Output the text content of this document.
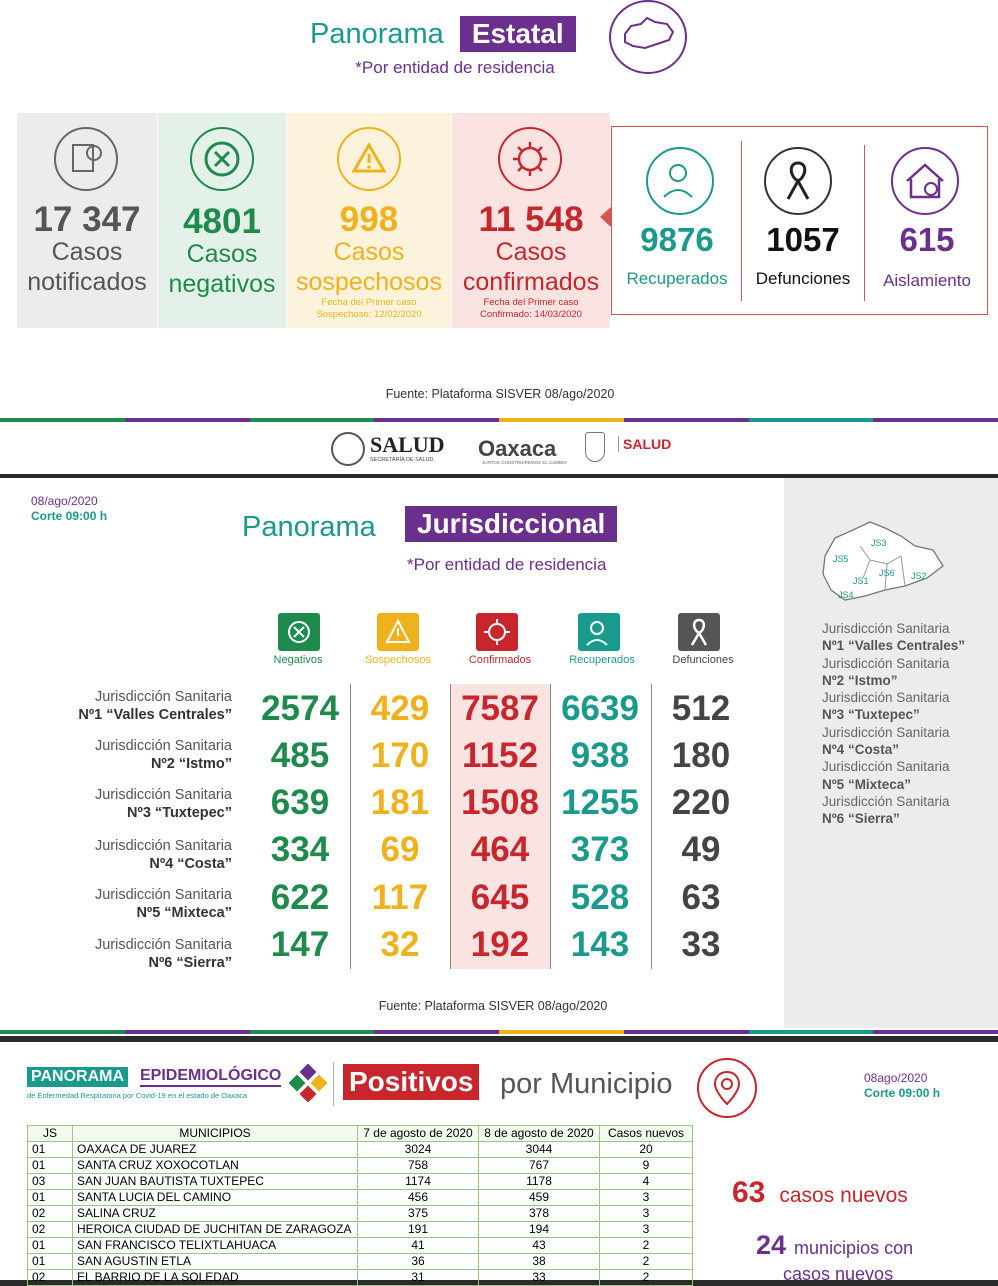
Panorama	Estatal
*Por entidad de residencia
17 347
Casos
notificados
4801
Casos
negativos
998
Casos
sospechosos
Fecha del Primer caso
Sospechoso: 12/02/2020
11 548
Casos
confirmados
Fecha del Primer caso
Confirmado: 14/03/2020
9876
Recuperados
1057
Defunciones
615
Aislamiento
Fuente: Plataforma SISVER 08/ago/2020
SALUD
SECRETARÍA DE SALUD Oaxaca
JUNTOS CONSTRUIREMOS EL CAMBIO
SALUD
08/ago/2020
Corte 09:00 h	Panorama	Jurisdiccional
*Por entidad de residencia
Negativos	Sospechosos	Confirmados	Recuperados	Defunciones
Jurisdicción Sanitaria
Nº1 “Valles Centrales” 2574 429 7587 6639 512
Jurisdicción Sanitaria
Nº2 “Istmo”	485	170 1152 938	180
Jurisdicción Sanitaria
Nº3 “Tuxtepec”	639	181 1508 1255 220
Jurisdicción Sanitaria
Nº4 “Costa”	334	69	464	373	49
Jurisdicción Sanitaria
Nº5 “Mixteca”	622	117	645	528	63
Jurisdicción Sanitaria
Nº6 “Sierra”	147	32	192	143	33
Fuente: Plataforma SISVER 08/ago/2020
JS3
JS5
JS6 JS2
JS1
JS4
Jurisdicción Sanitaria
Nº1 “Valles Centrales”
Jurisdicción Sanitaria
Nº2 “Istmo”
Jurisdicción Sanitaria
Nº3 “Tuxtepec”
Jurisdicción Sanitaria
Nº4 “Costa”
Jurisdicción Sanitaria
Nº5 “Mixteca”
Jurisdicción Sanitaria
Nº6 “Sierra”
PANORAMA EPIDEMIOLÓGICO
de Enfermedad Respiratoria por Covid-19 en el estado de Oaxaca	Positivos por Municipio	08ago/2020
Corte 09:00 h
63 casos nuevos
24 municipios con
casos nuevos
JS	MUNICIPIOS	7 de agosto de 2020	8 de agosto de 2020	Casos nuevos
01	OAXACA DE JUAREZ	3024	3044	20
01	SANTA CRUZ XOXOCOTLAN	758	767	9
03	SAN JUAN BAUTISTA TUXTEPEC	1174	1178	4
01	SANTA LUCIA DEL CAMINO	456	459	3
02	SALINA CRUZ	375	378	3
02	HEROICA CIUDAD DE JUCHITAN DE ZARAGOZA	191	194	3
01	SAN FRANCISCO TELIXTLAHUACA	41	43	2
01	SAN AGUSTIN ETLA	36	38	2
02	EL BARRIO DE LA SOLEDAD	31	33	2
